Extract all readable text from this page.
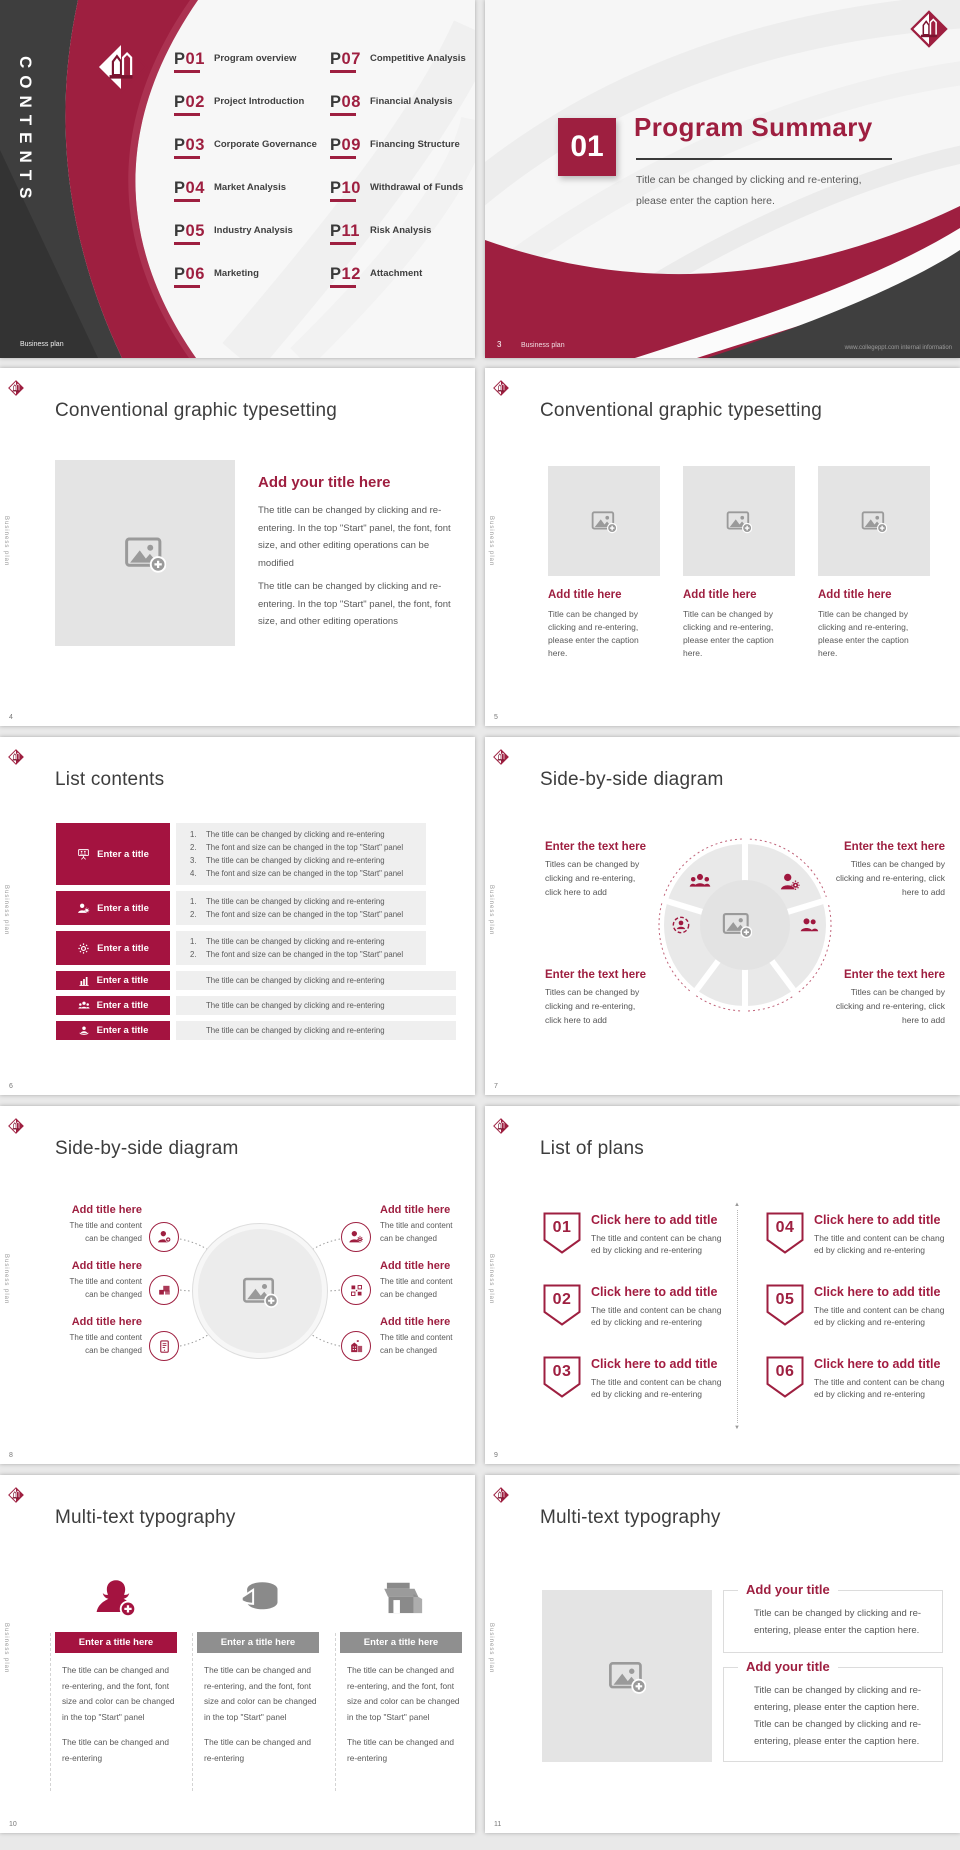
CONTENTS	P01 Program overview
P02 Project Introduction
P03 Corporate Governance
P04 Market Analysis
P05 Industry Analysis
P06 Marketing
P07 Competitive Analysis
P08 Financial Analysis
P09 Financing Structure
P10 Withdrawal of Funds
P11	Risk Analysis
P12 Attachment
Business plan
01
Program Summary
Title can be changed by clicking and re-entering,
please enter the caption here.
3	Business plan	www.collegeppt.com internal information
Business plan
Conventional graphic typesetting
Add your title here
The title can be changed by clicking and re-entering. In the top "Start" panel, the font, font size, and other editing operations can be modified
The title can be changed by clicking and re-entering. In the top "Start" panel, the font, font size, and other editing operations
4
Business plan
Conventional graphic typesetting
Add title here	Add title here	Add title here
Title can be changed by clicking and re-entering, please enter the caption here.
Title can be changed by clicking and re-entering, please enter the caption here.
Title can be changed by clicking and re-entering, please enter the caption here.
5
Business plan
List contents
Enter a title
1.	The title can be changed by clicking and re-entering
2.	The font and size can be changed in the top "Start" panel
3.	The title can be changed by clicking and re-entering
4.	The font and size can be changed in the top "Start" panel
Enter a title
1.	The title can be changed by clicking and re-entering
2.	The font and size can be changed in the top "Start" panel
Enter a title
1.	The title can be changed by clicking and re-entering
2.	The font and size can be changed in the top "Start" panel
Enter a title	The title can be changed by clicking and re-entering
Enter a title	The title can be changed by clicking and re-entering
Enter a title	The title can be changed by clicking and re-entering
6
Business plan
Side-by-side diagram
Enter the text here
Titles can be changed by
clicking and re-entering,
click here to add
Enter the text here
Titles can be changed by
clicking and re-entering, click
here to add
Enter the text here
Titles can be changed by
clicking and re-entering,
click here to add
Enter the text here
Titles can be changed by
clicking and re-entering, click
here to add
7
Business plan
Side-by-side diagram
Add title here
The title and content
can be changed
Add title here
The title and content
can be changed
Add title here
The title and content
can be changed
Add title here
The title and content
can be changed
Add title here
The title and content
can be changed
Add title here
The title and content
can be changed
8
Business plan
List of plans
▲
▼
01	Click here to add title
The title and content can be chang
ed by clicking and re-entering
02	Click here to add title
The title and content can be chang
ed by clicking and re-entering
03	Click here to add title
The title and content can be chang
ed by clicking and re-entering
04	Click here to add title
The title and content can be chang
ed by clicking and re-entering
05	Click here to add title
The title and content can be chang
ed by clicking and re-entering
06	Click here to add title
The title and content can be chang
ed by clicking and re-entering
9
Business plan
Multi-text typography
Enter a title here
The title can be changed and re-entering, and the font, font size and color can be changed in the top "Start" panel
The title can be changed and re-entering
Enter a title here
The title can be changed and re-entering, and the font, font size and color can be changed in the top "Start" panel
The title can be changed and re-entering
Enter a title here
The title can be changed and re-entering, and the font, font size and color can be changed in the top "Start" panel
The title can be changed and re-entering
10
Business plan
Multi-text typography
Add your title
Title can be changed by clicking and re-entering, please enter the caption here.
Add your title
Title can be changed by clicking and re-entering, please enter the caption here. Title can be changed by clicking and re-entering, please enter the caption here.
11
